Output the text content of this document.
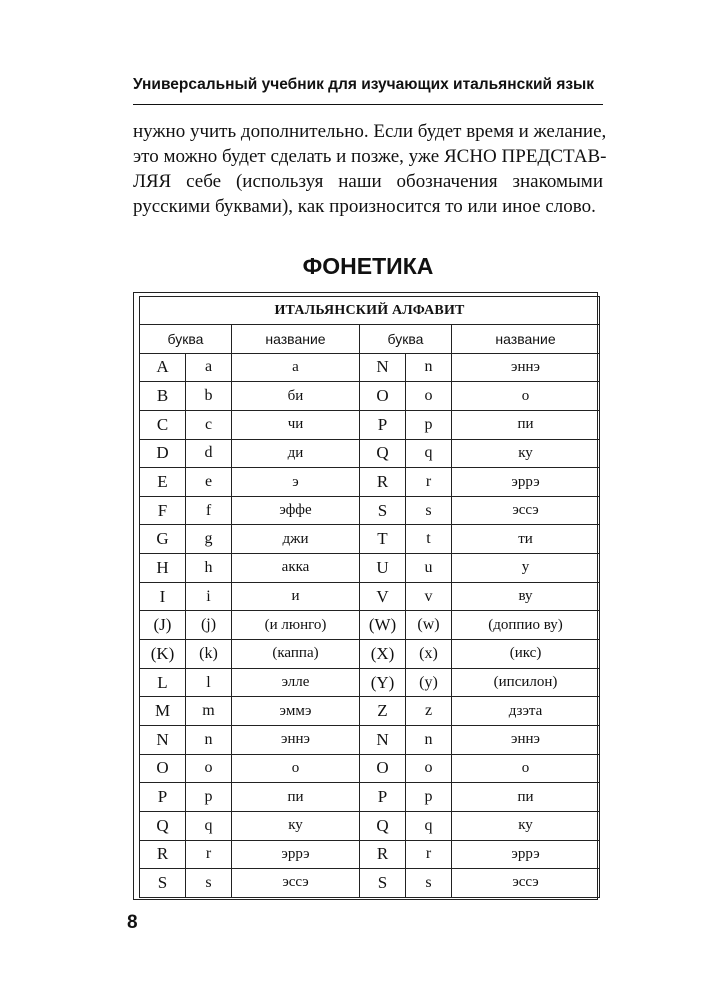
Универсальный учебник для изучающих итальянский язык
нужно учить дополнительно. Если будет время и желание,
это можно будет сделать и позже, уже ЯСНО ПРЕДСТАВ-
ЛЯЯ себе (используя наши обозначения знакомыми
русскими буквами), как произносится то или иное слово.
ФОНЕТИКА
ИТАЛЬЯНСКИЙ АЛФАВИТ					
буква		название	буква		название
A	a	а	N	n	эннэ
B	b	би	O	o	о
C	c	чи	P	p	пи
D	d	ди	Q	q	ку
E	e	э	R	r	эррэ
F	f	эффе	S	s	эссэ
G	g	джи	T	t	ти
H	h	акка	U	u	у
I	i	и	V	v	ву
(J)	(j)	(и люнго)	(W)	(w)	(доппио ву)
(K)	(k)	(каппа)	(X)	(x)	(икс)
L	l	элле	(Y)	(y)	(ипсилон)
M	m	эммэ	Z	z	дзэта
N	n	эннэ	N	n	эннэ
O	o	о	O	o	о
P	p	пи	P	p	пи
Q	q	ку	Q	q	ку
R	r	эррэ	R	r	эррэ
S	s	эссэ	S	s	эссэ
8
